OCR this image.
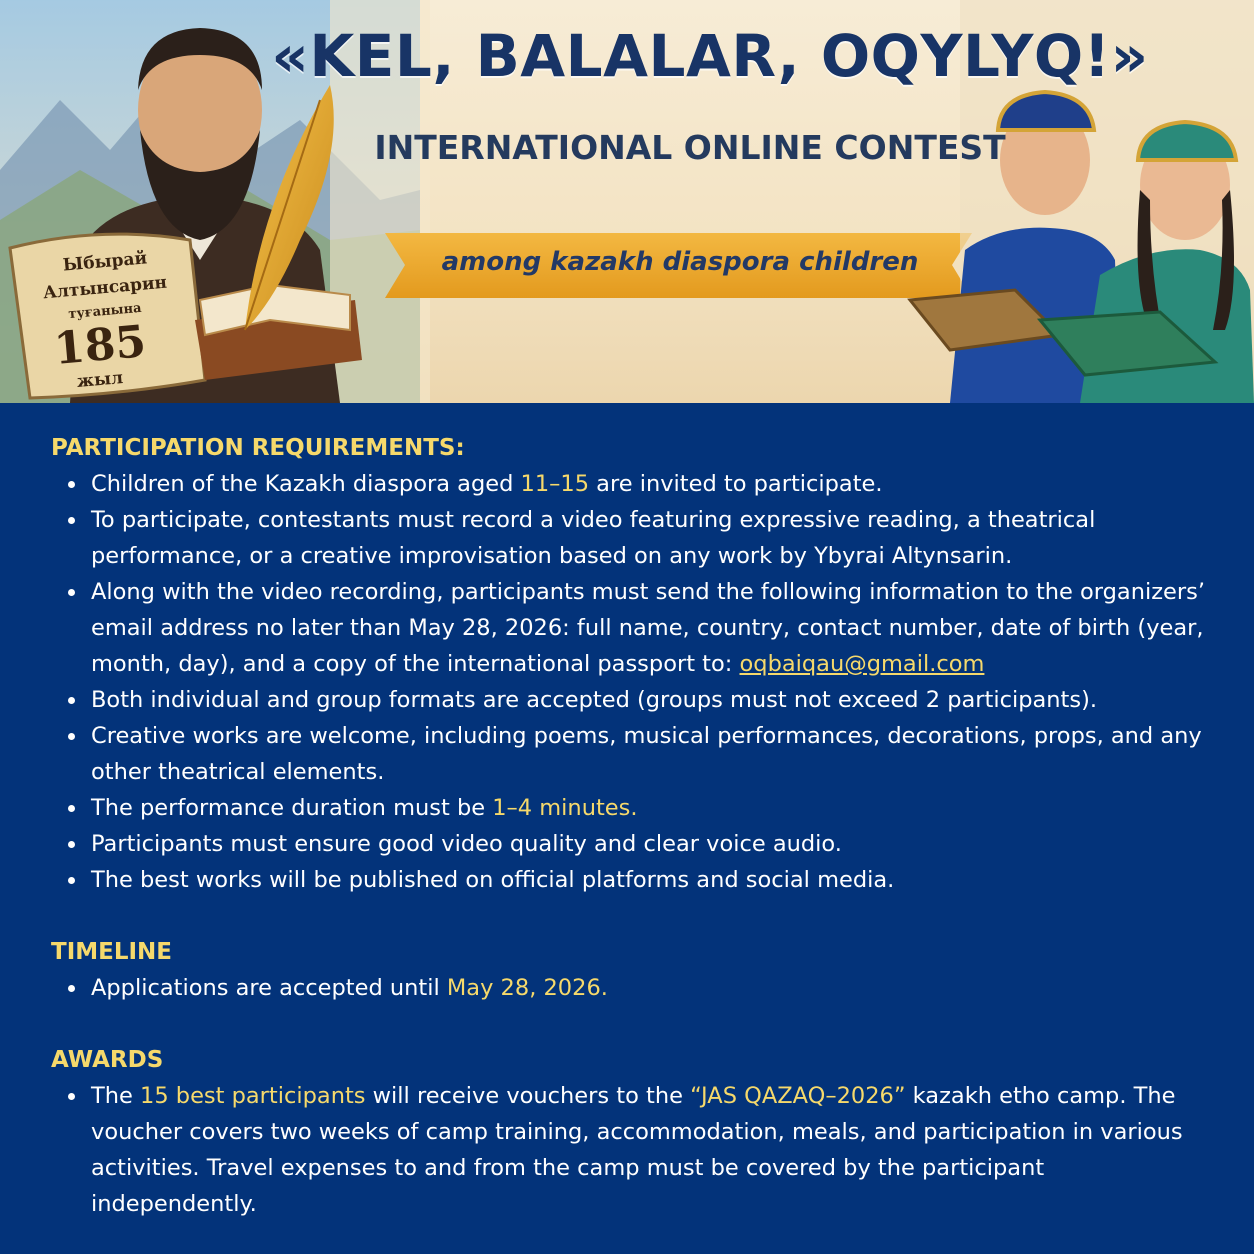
«KEL, BALALAR, OQYLYQ!»
INTERNATIONAL ONLINE CONTEST
among kazakh diaspora children
Ыбырай
Алтынсарин
туғанына
185
жыл

PARTICIPATION REQUIREMENTS:

Children of the Kazakh diaspora aged 11–15 are invited to participate.
To participate, contestants must record a video featuring expressive reading, a theatrical performance, or a creative improvisation based on any work by Ybyrai Altynsarin.
Along with the video recording, participants must send the following information to the organizers’ email address no later than May 28, 2026: full name, country, contact number, date of birth (year, month, day), and a copy of the international passport to: oqbaiqau@gmail.com
Both individual and group formats are accepted (groups must not exceed 2 participants).
Creative works are welcome, including poems, musical performances, decorations, props, and any other theatrical elements.
The performance duration must be 1–4 minutes.
Participants must ensure good video quality and clear voice audio.
The best works will be published on official platforms and social media.

TIMELINE

Applications are accepted until May 28, 2026.

AWARDS

The 15 best participants will receive vouchers to the “JAS QAZAQ–2026” kazakh etho camp. The voucher covers two weeks of camp training, accommodation, meals, and participation in various activities. Travel expenses to and from the camp must be covered by the participant independently.
